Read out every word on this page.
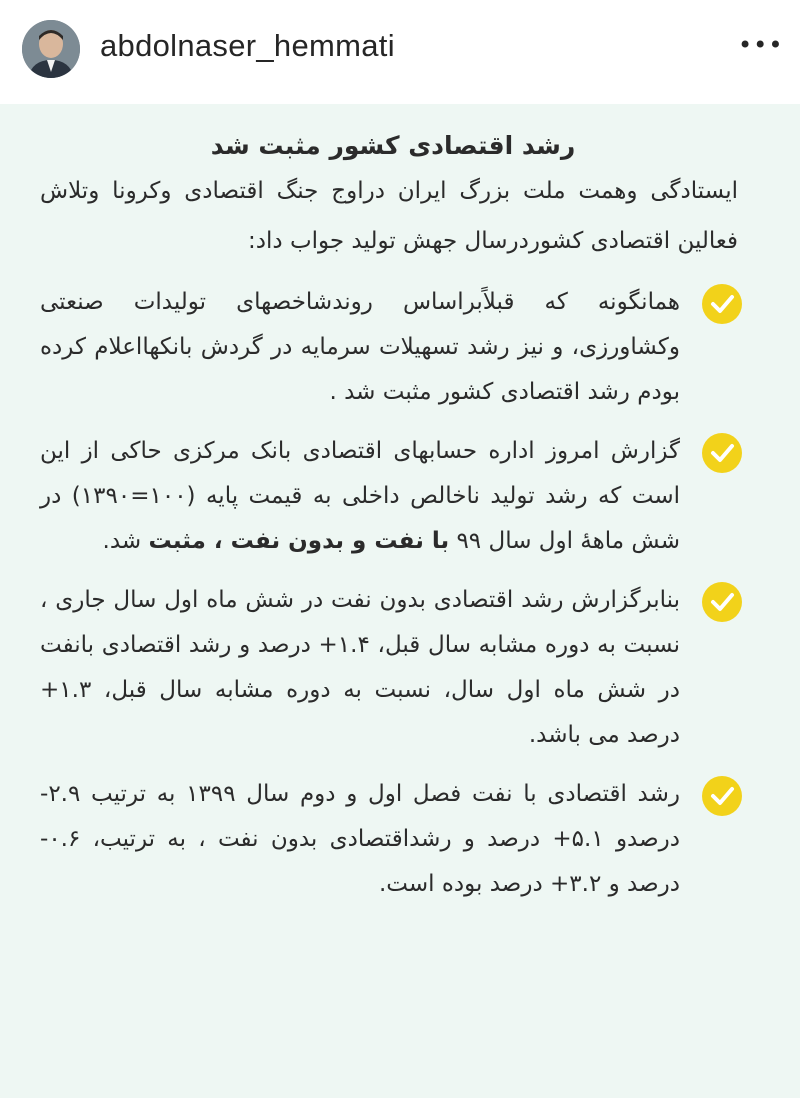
abdolnaser_hemmati	•••
رشد اقتصادی کشور مثبت شد

ایستادگی وهمت ملت بزرگ ایران دراوج جنگ اقتصادی وکرونا وتلاش فعالین اقتصادی کشوردرسال جهش تولید جواب داد:

همانگونه که قبلاًبراساس روندشاخصهای تولیدات صنعتی وکشاورزی، و نیز رشد تسهیلات سرمایه در گردش بانکهااعلام کرده بودم رشد اقتصادی کشور مثبت شد .

گزارش امروز اداره حسابهای اقتصادی بانک مرکزی حاکی از این است که رشد تولید ناخالص داخلی به قیمت پایه (۱۰۰=۱۳۹۰) در شش ماههٔ اول سال ۹۹ با نفت و بدون نفت ، مثبت شد.

بنابرگزارش رشد اقتصادی بدون نفت در شش ماه اول سال جاری ، نسبت به دوره مشابه سال قبل، ۱.۴+ درصد و رشد اقتصادی بانفت در شش ماه اول سال، نسبت به دوره مشابه سال قبل، ۱.۳+ درصد می باشد.

رشد اقتصادی با نفت فصل اول و دوم سال ۱۳۹۹ به ترتیب ۲.۹-درصدو ۵.۱+ درصد و رشداقتصادی بدون نفت ، به ترتیب، ۰.۶- درصد و ۳.۲+ درصد بوده است.
